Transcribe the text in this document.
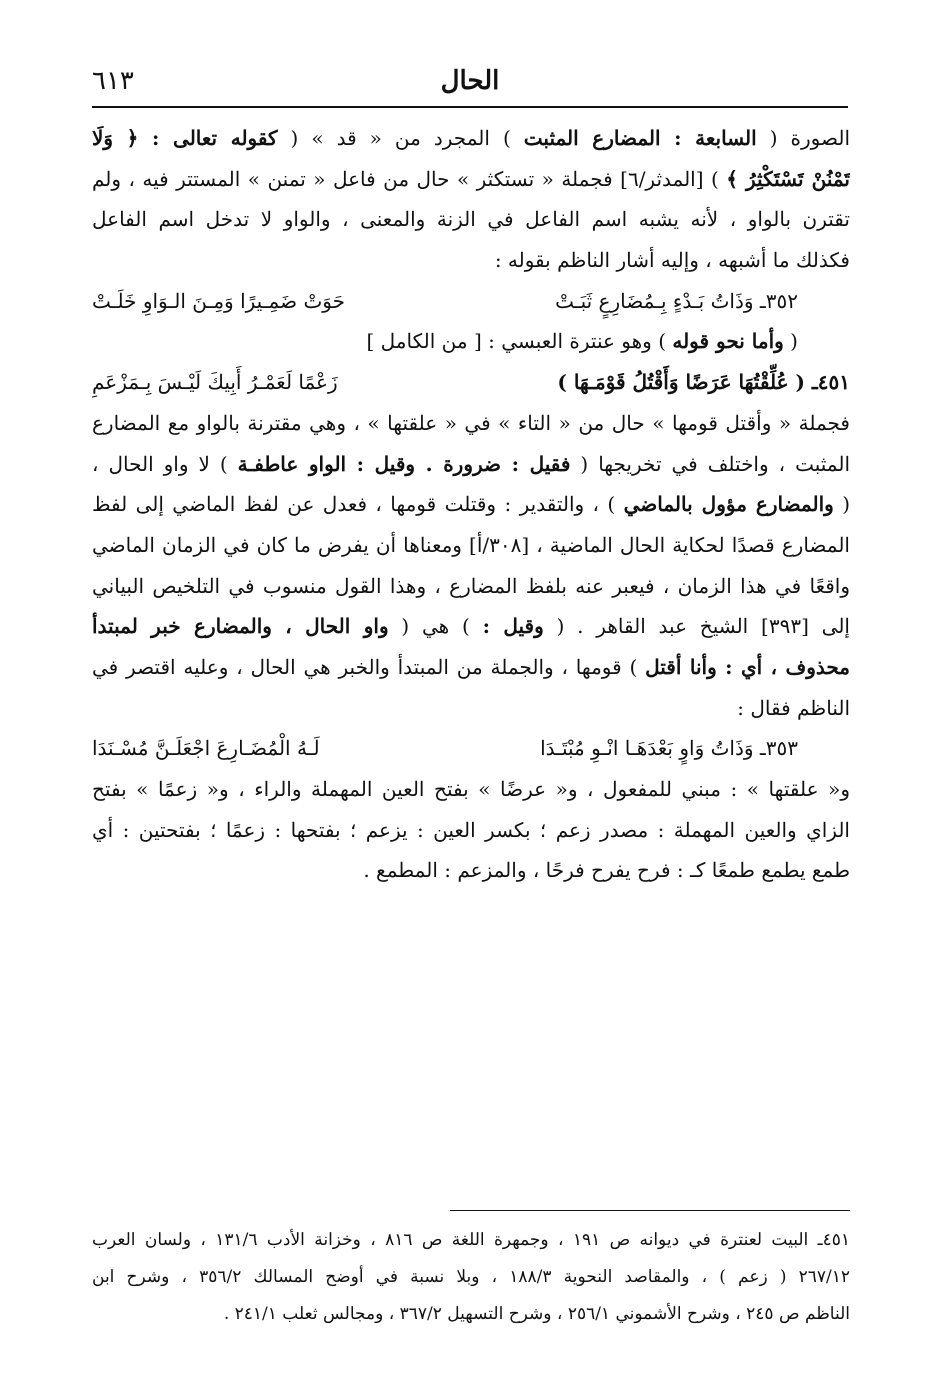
الحال
٦١٣
الصورة ( السابعة : المضارع المثبت ) المجرد من « قد » ( كقوله تعالى : ﴿ وَلَا
تَمْنُنْ تَسْتَكْثِرُ ﴾ ) [المدثر/٦] فجملة « تستكثر » حال من فاعل « تمنن » المستتر فيه ، ولم
تقترن بالواو ، لأنه يشبه اسم الفاعل في الزنة والمعنى ، والواو لا تدخل اسم الفاعل
فكذلك ما أشبهه ، وإليه أشار الناظم بقوله :
٣٥٢ـ وَذَاتُ بَـدْءٍ بِـمُضَارِعٍ ثَبَـتْ
حَوَتْ ضَمِـيرًا وَمِـنَ الـوَاوِ خَلَـتْ
( وأما نحو قوله ) وهو عنترة العبسي : [ من الكامل ]
٤٥١ـ ( عُلِّقْتُهَا عَرَضًا وَأَقْتُلُ قَوْمَـهَا )
زَعْمًا لَعَمْـرُ أَبِيكَ لَيْـسَ بِـمَزْعَمِ
فجملة « وأقتل قومها » حال من « التاء » في « علقتها » ، وهي مقترنة بالواو مع المضارع
المثبت ، واختلف في تخريجها ( فقيل : ضرورة . وقيل : الواو عاطفـة ) لا واو الحال ،
( والمضارع مؤول بالماضي ) ، والتقدير : وقتلت قومها ، فعدل عن لفظ الماضي إلى لفظ
المضارع قصدًا لحكاية الحال الماضية ، [٣٠٨/أ] ومعناها أن يفرض ما كان في الزمان الماضي
واقعًا في هذا الزمان ، فيعبر عنه بلفظ المضارع ، وهذا القول منسوب في التلخيص البياني
إلى [٣٩٣] الشيخ عبد القاهر . ( وقيل : ) هي ( واو الحال ، والمضارع خبر لمبتدأ
محذوف ، أي : وأنا أقتل ) قومها ، والجملة من المبتدأ والخبر هي الحال ، وعليه اقتصر في
الناظم فقال :
٣٥٣ـ وَذَاتُ وَاوٍ بَعْدَهَـا انْـوِ مُبْتَـدَا
لَـهُ الْمُضَـارِعَ اجْعَلَـنَّ مُسْـنَدَا
و« علقتها » : مبني للمفعول ، و« عرضًا » بفتح العين المهملة والراء ، و« زعمًا » بفتح
الزاي والعين المهملة : مصدر زعم ؛ بكسر العين : يزعم ؛ بفتحها : زعمًا ؛ بفتحتين : أي
طمع يطمع طمعًا كـ : فرح يفرح فرحًا ، والمزعم : المطمع .
٤٥١ـ البيت لعنترة في ديوانه ص ١٩١ ، وجمهرة اللغة ص ٨١٦ ، وخزانة الأدب ١٣١/٦ ، ولسان العرب
٢٦٧/١٢ ( زعم ) ، والمقاصد النحوية ١٨٨/٣ ، وبلا نسبة في أوضح المسالك ٣٥٦/٢ ، وشرح ابن
الناظم ص ٢٤٥ ، وشرح الأشموني ٢٥٦/١ ، وشرح التسهيل ٣٦٧/٢ ، ومجالس ثعلب ٢٤١/١ .
